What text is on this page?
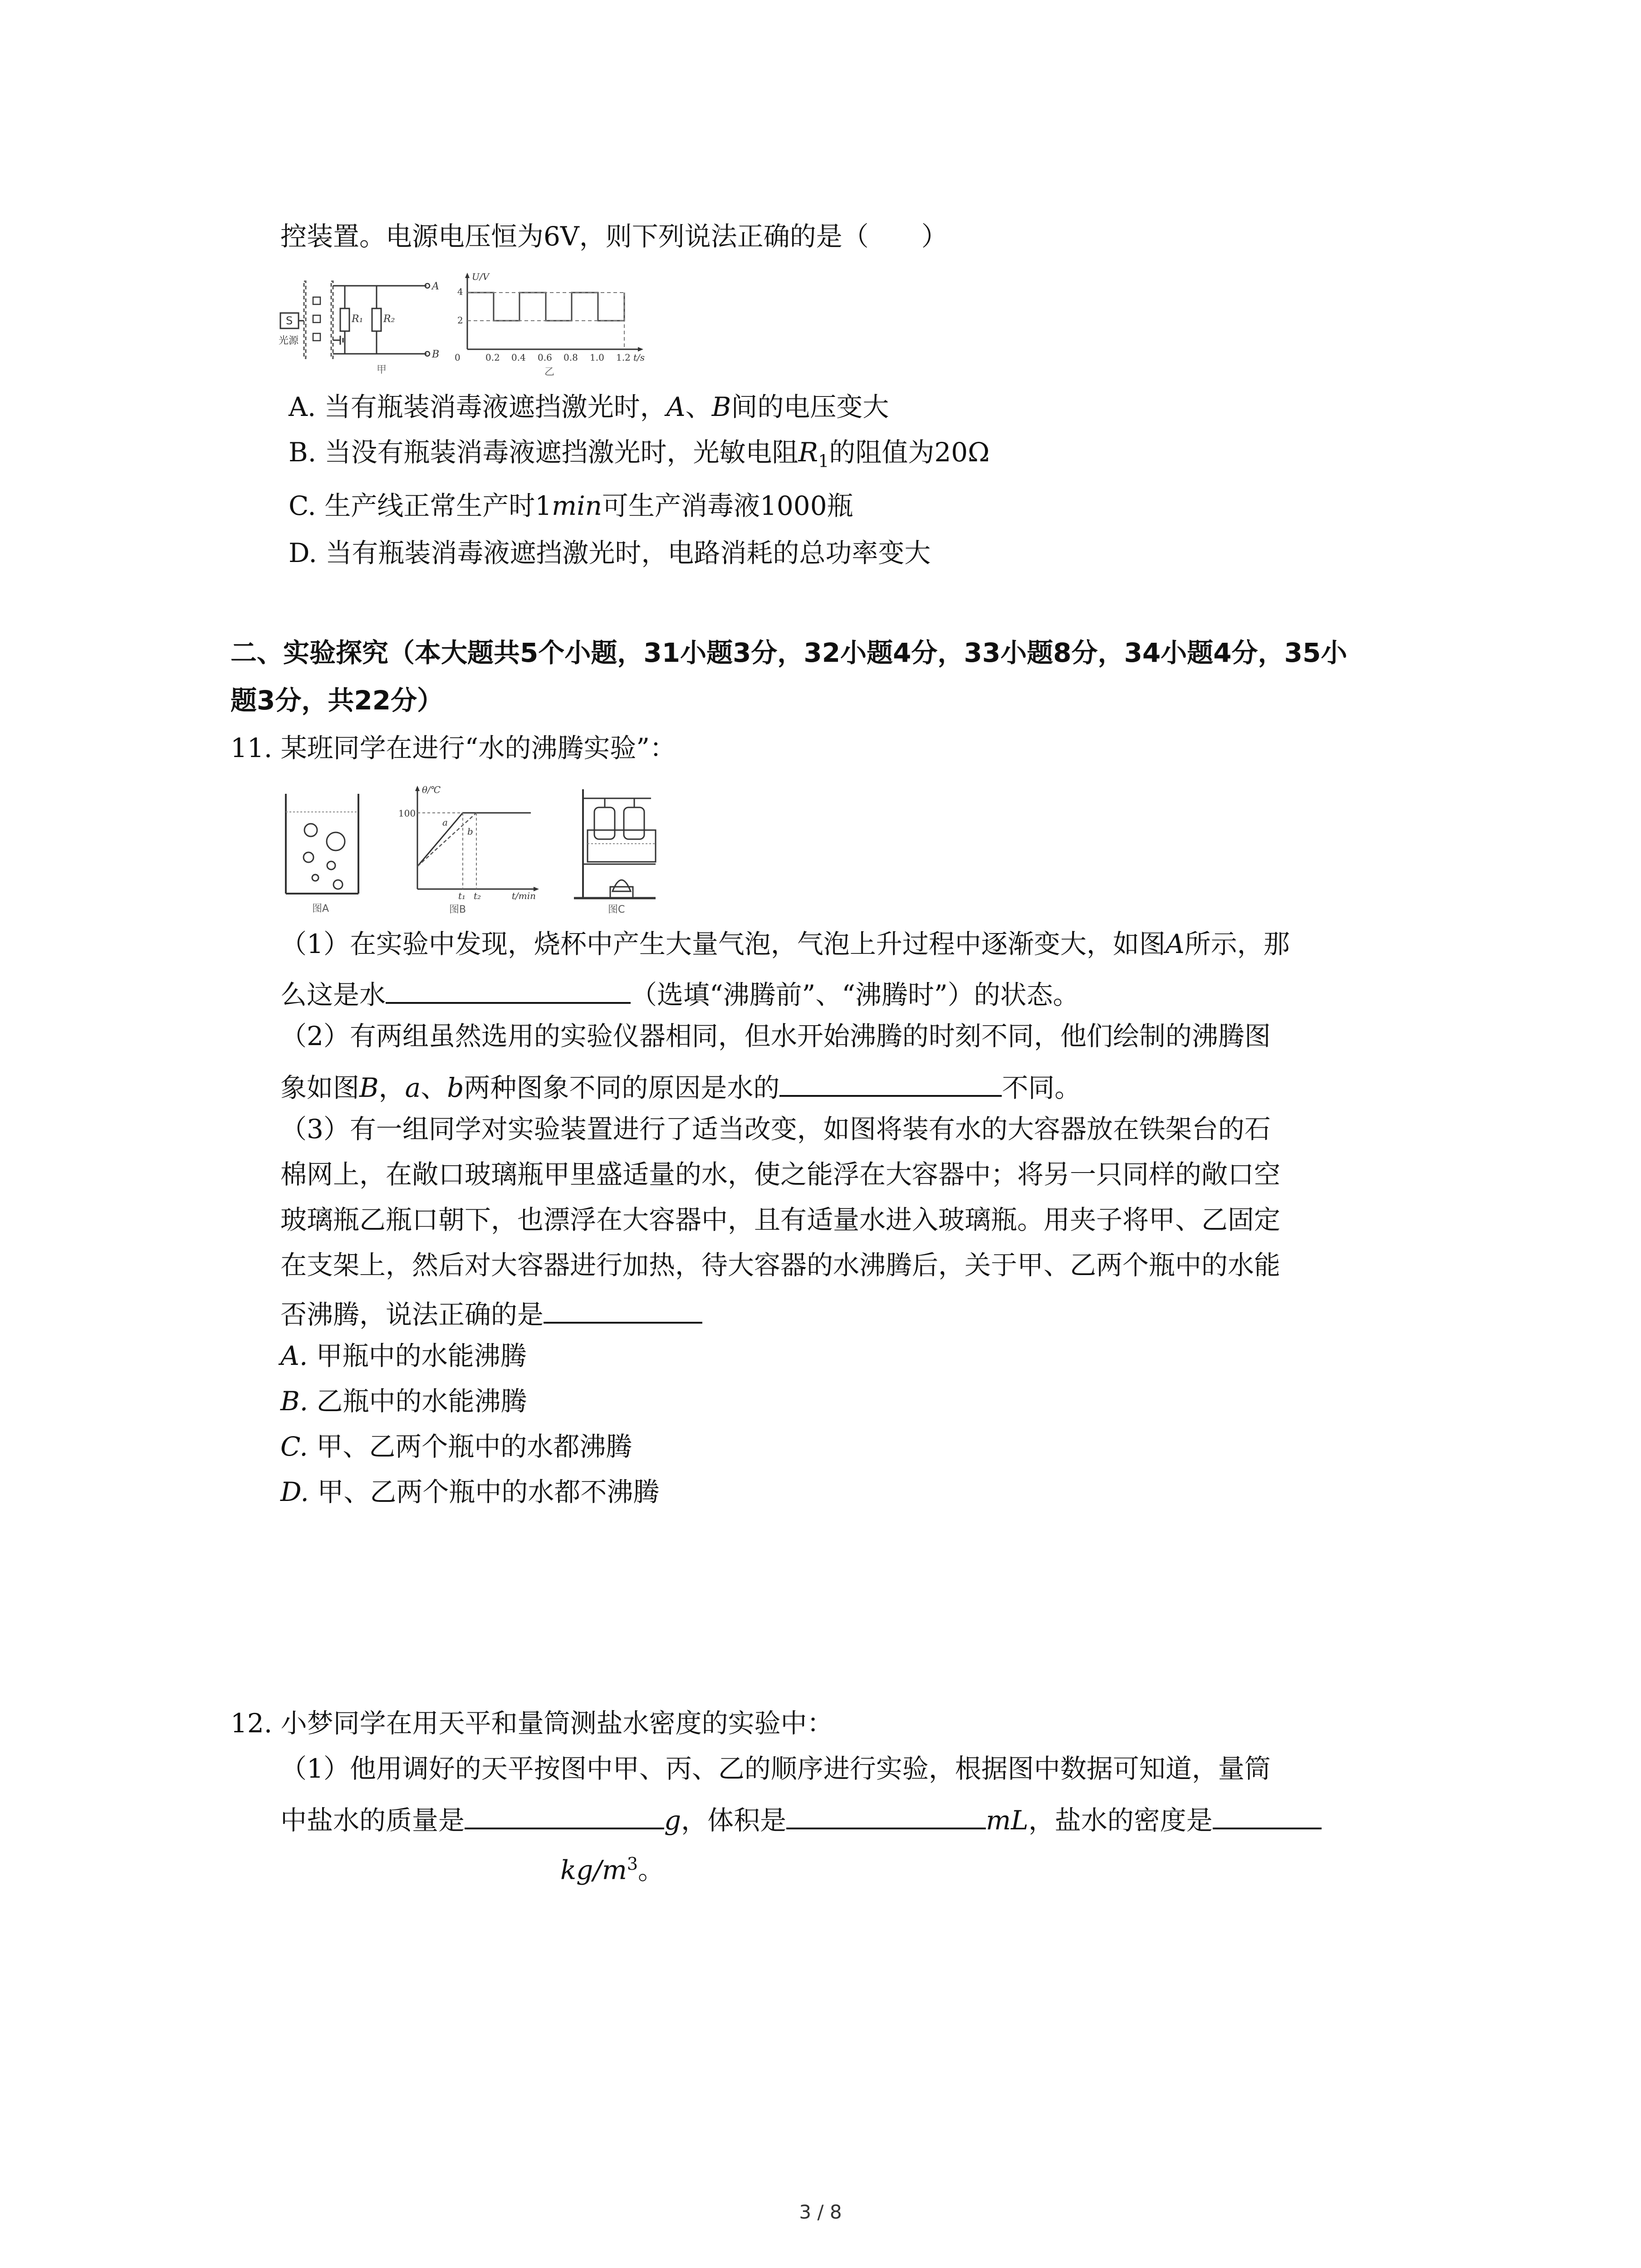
控装置。电源电压恒为6V，则下列说法正确的是（　　）
S
光源
R₁ R₂
A
B
甲
U/V
4
2
0	0.2 0.4 0.6 0.8 1.0 1.2 t/s
乙
A. 当有瓶装消毒液遮挡激光时，A、B间的电压变大
B. 当没有瓶装消毒液遮挡激光时，光敏电阻$R_1$的阻值为20Ω
C. 生产线正常生产时1min可生产消毒液1000瓶
D. 当有瓶装消毒液遮挡激光时，电路消耗的总功率变大
二、实验探究（本大题共5个小题，31小题3分，32小题4分，33小题8分，34小题4分，35小
题3分，共22分）
11. 某班同学在进行“水的沸腾实验”：
图A
θ/℃
100
a
b
t₁ t₂	t/min
图B	图C
（1）在实验中发现，烧杯中产生大量气泡，气泡上升过程中逐渐变大，如图A所示，那
么这是水	（选填“沸腾前”、“沸腾时”）的状态。
（2）有两组虽然选用的实验仪器相同，但水开始沸腾的时刻不同，他们绘制的沸腾图
象如图B，a、b两种图象不同的原因是水的	不同。
（3）有一组同学对实验装置进行了适当改变，如图将装有水的大容器放在铁架台的石
棉网上，在敞口玻璃瓶甲里盛适量的水，使之能浮在大容器中；将另一只同样的敞口空
玻璃瓶乙瓶口朝下，也漂浮在大容器中，且有适量水进入玻璃瓶。用夹子将甲、乙固定
在支架上，然后对大容器进行加热，待大容器的水沸腾后，关于甲、乙两个瓶中的水能
否沸腾，说法正确的是
A. 甲瓶中的水能沸腾
B. 乙瓶中的水能沸腾
C. 甲、乙两个瓶中的水都沸腾
D. 甲、乙两个瓶中的水都不沸腾
12. 小梦同学在用天平和量筒测盐水密度的实验中：
（1）他用调好的天平按图中甲、丙、乙的顺序进行实验，根据图中数据可知道，量筒
中盐水的质量是	g，体积是	mL，盐水的密度是
$kg/m^3$。
3 / 8
